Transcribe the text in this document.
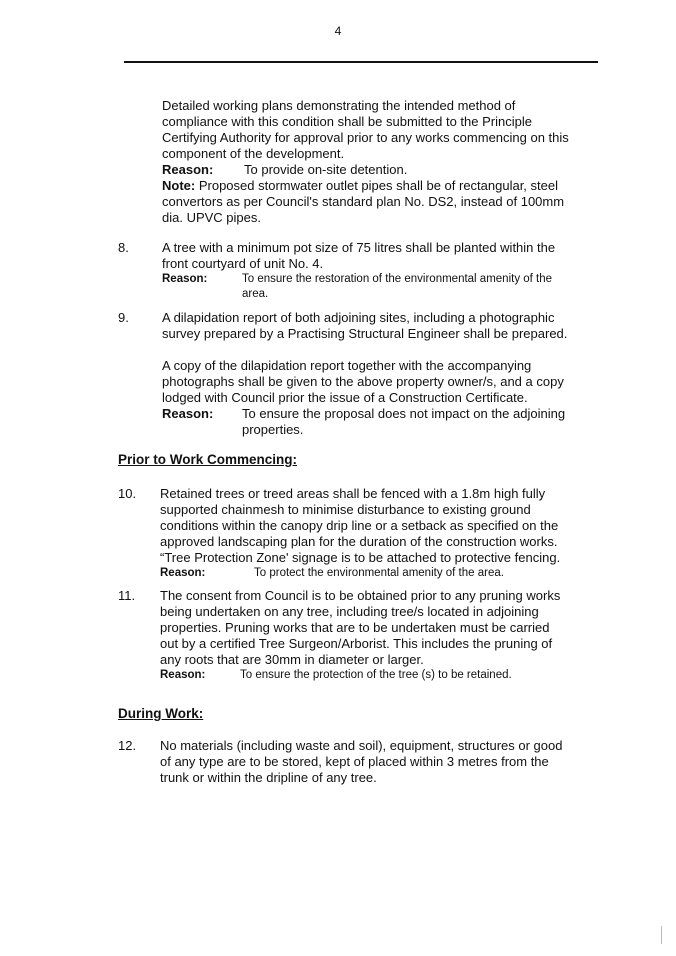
4
Detailed working plans demonstrating the intended method of
compliance with this condition shall be submitted to the Principle
Certifying Authority for approval prior to any works commencing on this
component of the development.
Reason:	To provide on-site detention.
Note: Proposed stormwater outlet pipes shall be of rectangular, steel
convertors as per Council's standard plan No. DS2, instead of 100mm
dia. UPVC pipes.
8.	A tree with a minimum pot size of 75 litres shall be planted within the
front courtyard of unit No. 4.
Reason:	To ensure the restoration of the environmental amenity of the
area.
9.	A dilapidation report of both adjoining sites, including a photographic
survey prepared by a Practising Structural Engineer shall be prepared.
A copy of the dilapidation report together with the accompanying
photographs shall be given to the above property owner/s, and a copy
lodged with Council prior the issue of a Construction Certificate.
Reason:	To ensure the proposal does not impact on the adjoining
properties.
Prior to Work Commencing:
10. Retained trees or treed areas shall be fenced with a 1.8m high fully
supported chainmesh to minimise disturbance to existing ground
conditions within the canopy drip line or a setback as specified on the
approved landscaping plan for the duration of the construction works.
“Tree Protection Zone' signage is to be attached to protective fencing.
Reason:	To protect the environmental amenity of the area.
11. The consent from Council is to be obtained prior to any pruning works
being undertaken on any tree, including tree/s located in adjoining
properties. Pruning works that are to be undertaken must be carried
out by a certified Tree Surgeon/Arborist. This includes the pruning of
any roots that are 30mm in diameter or larger.
Reason:	To ensure the protection of the tree (s) to be retained.
During Work:
12. No materials (including waste and soil), equipment, structures or good
of any type are to be stored, kept of placed within 3 metres from the
trunk or within the dripline of any tree.
